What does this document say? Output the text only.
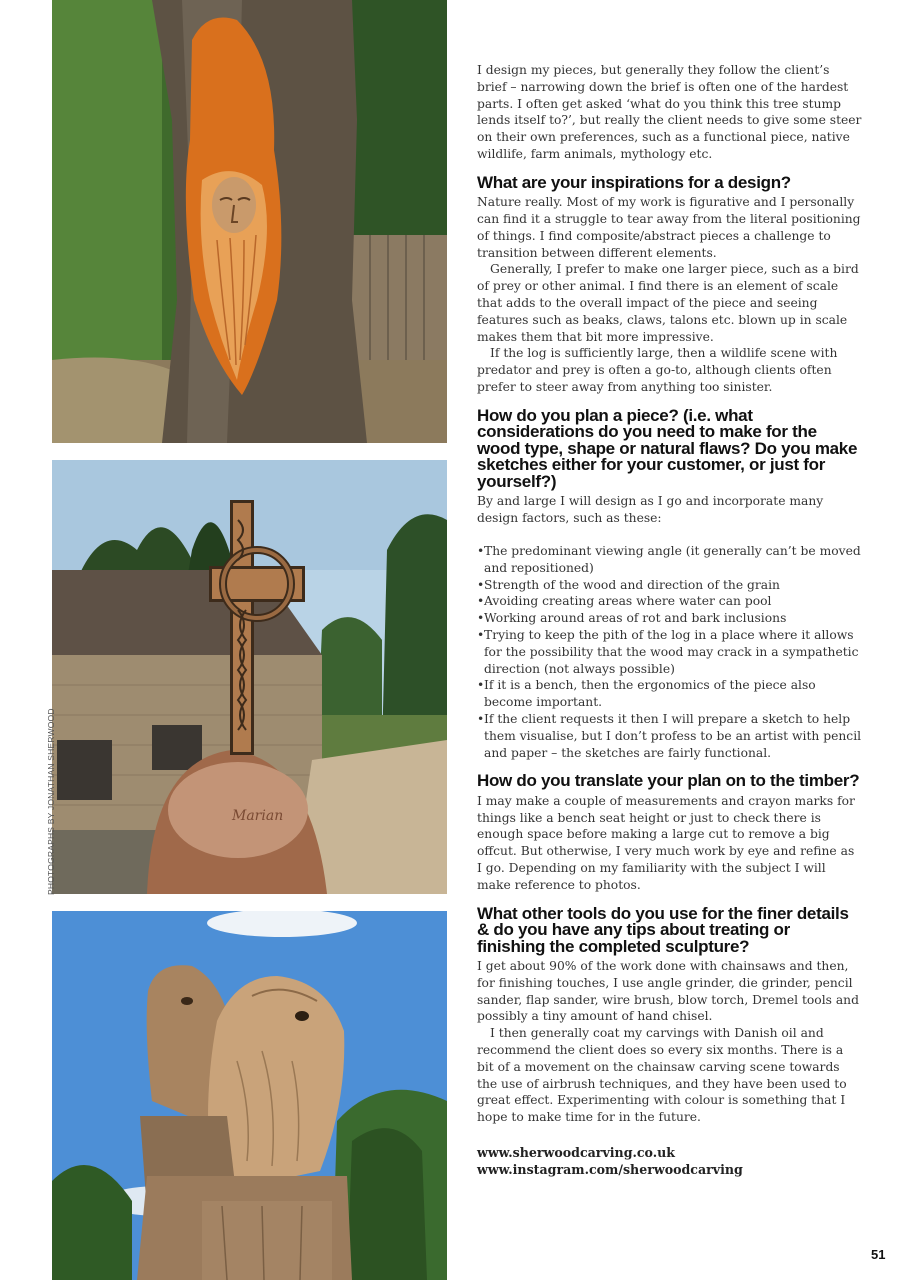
Marian
PHOTOGRAPHS BY JONATHAN SHERWOOD

I design my pieces, but generally they follow the client’s brief – narrowing down the brief is often one of the hardest parts. I often get asked ‘what do you think this tree stump lends itself to?’, but really the client needs to give some steer on their own preferences, such as a functional piece, native wildlife, farm animals, mythology etc.

What are your inspirations for a design?

Nature really. Most of my work is figurative and I personally can find it a struggle to tear away from the literal positioning of things. I find composite/abstract pieces a challenge to transition between different elements.

Generally, I prefer to make one larger piece, such as a bird of prey or other animal. I find there is an element of scale that adds to the overall impact of the piece and seeing features such as beaks, claws, talons etc. blown up in scale makes them that bit more impressive.

If the log is sufficiently large, then a wildlife scene with predator and prey is often a go-to, although clients often prefer to steer away from anything too sinister.

How do you plan a piece? (i.e. what considerations do you need to make for the wood type, shape or natural flaws? Do you make sketches either for your customer, or just for yourself?)

By and large I will design as I go and incorporate many design factors, such as these:

• The predominant viewing angle (it generally can’t be moved and repositioned)
• Strength of the wood and direction of the grain
• Avoiding creating areas where water can pool
• Working around areas of rot and bark inclusions
• Trying to keep the pith of the log in a place where it allows for the possibility that the wood may crack in a sympathetic direction (not always possible)
• If it is a bench, then the ergonomics of the piece also become important.
• If the client requests it then I will prepare a sketch to help them visualise, but I don’t profess to be an artist with pencil and paper – the sketches are fairly functional.
How do you translate your plan on to the timber?

I may make a couple of measurements and crayon marks for things like a bench seat height or just to check there is enough space before making a large cut to remove a big offcut. But otherwise, I very much work by eye and refine as I go. Depending on my familiarity with the subject I will make reference to photos.

What other tools do you use for the finer details & do you have any tips about treating or finishing the completed sculpture?

I get about 90% of the work done with chainsaws and then, for finishing touches, I use angle grinder, die grinder, pencil sander, flap sander, wire brush, blow torch, Dremel tools and possibly a tiny amount of hand chisel.

I then generally coat my carvings with Danish oil and recommend the client does so every six months. There is a bit of a movement on the chainsaw carving scene towards the use of airbrush techniques, and they have been used to great effect. Experimenting with colour is something that I hope to make time for in the future.

www.sherwoodcarving.co.uk
www.instagram.com/sherwoodcarving
51
